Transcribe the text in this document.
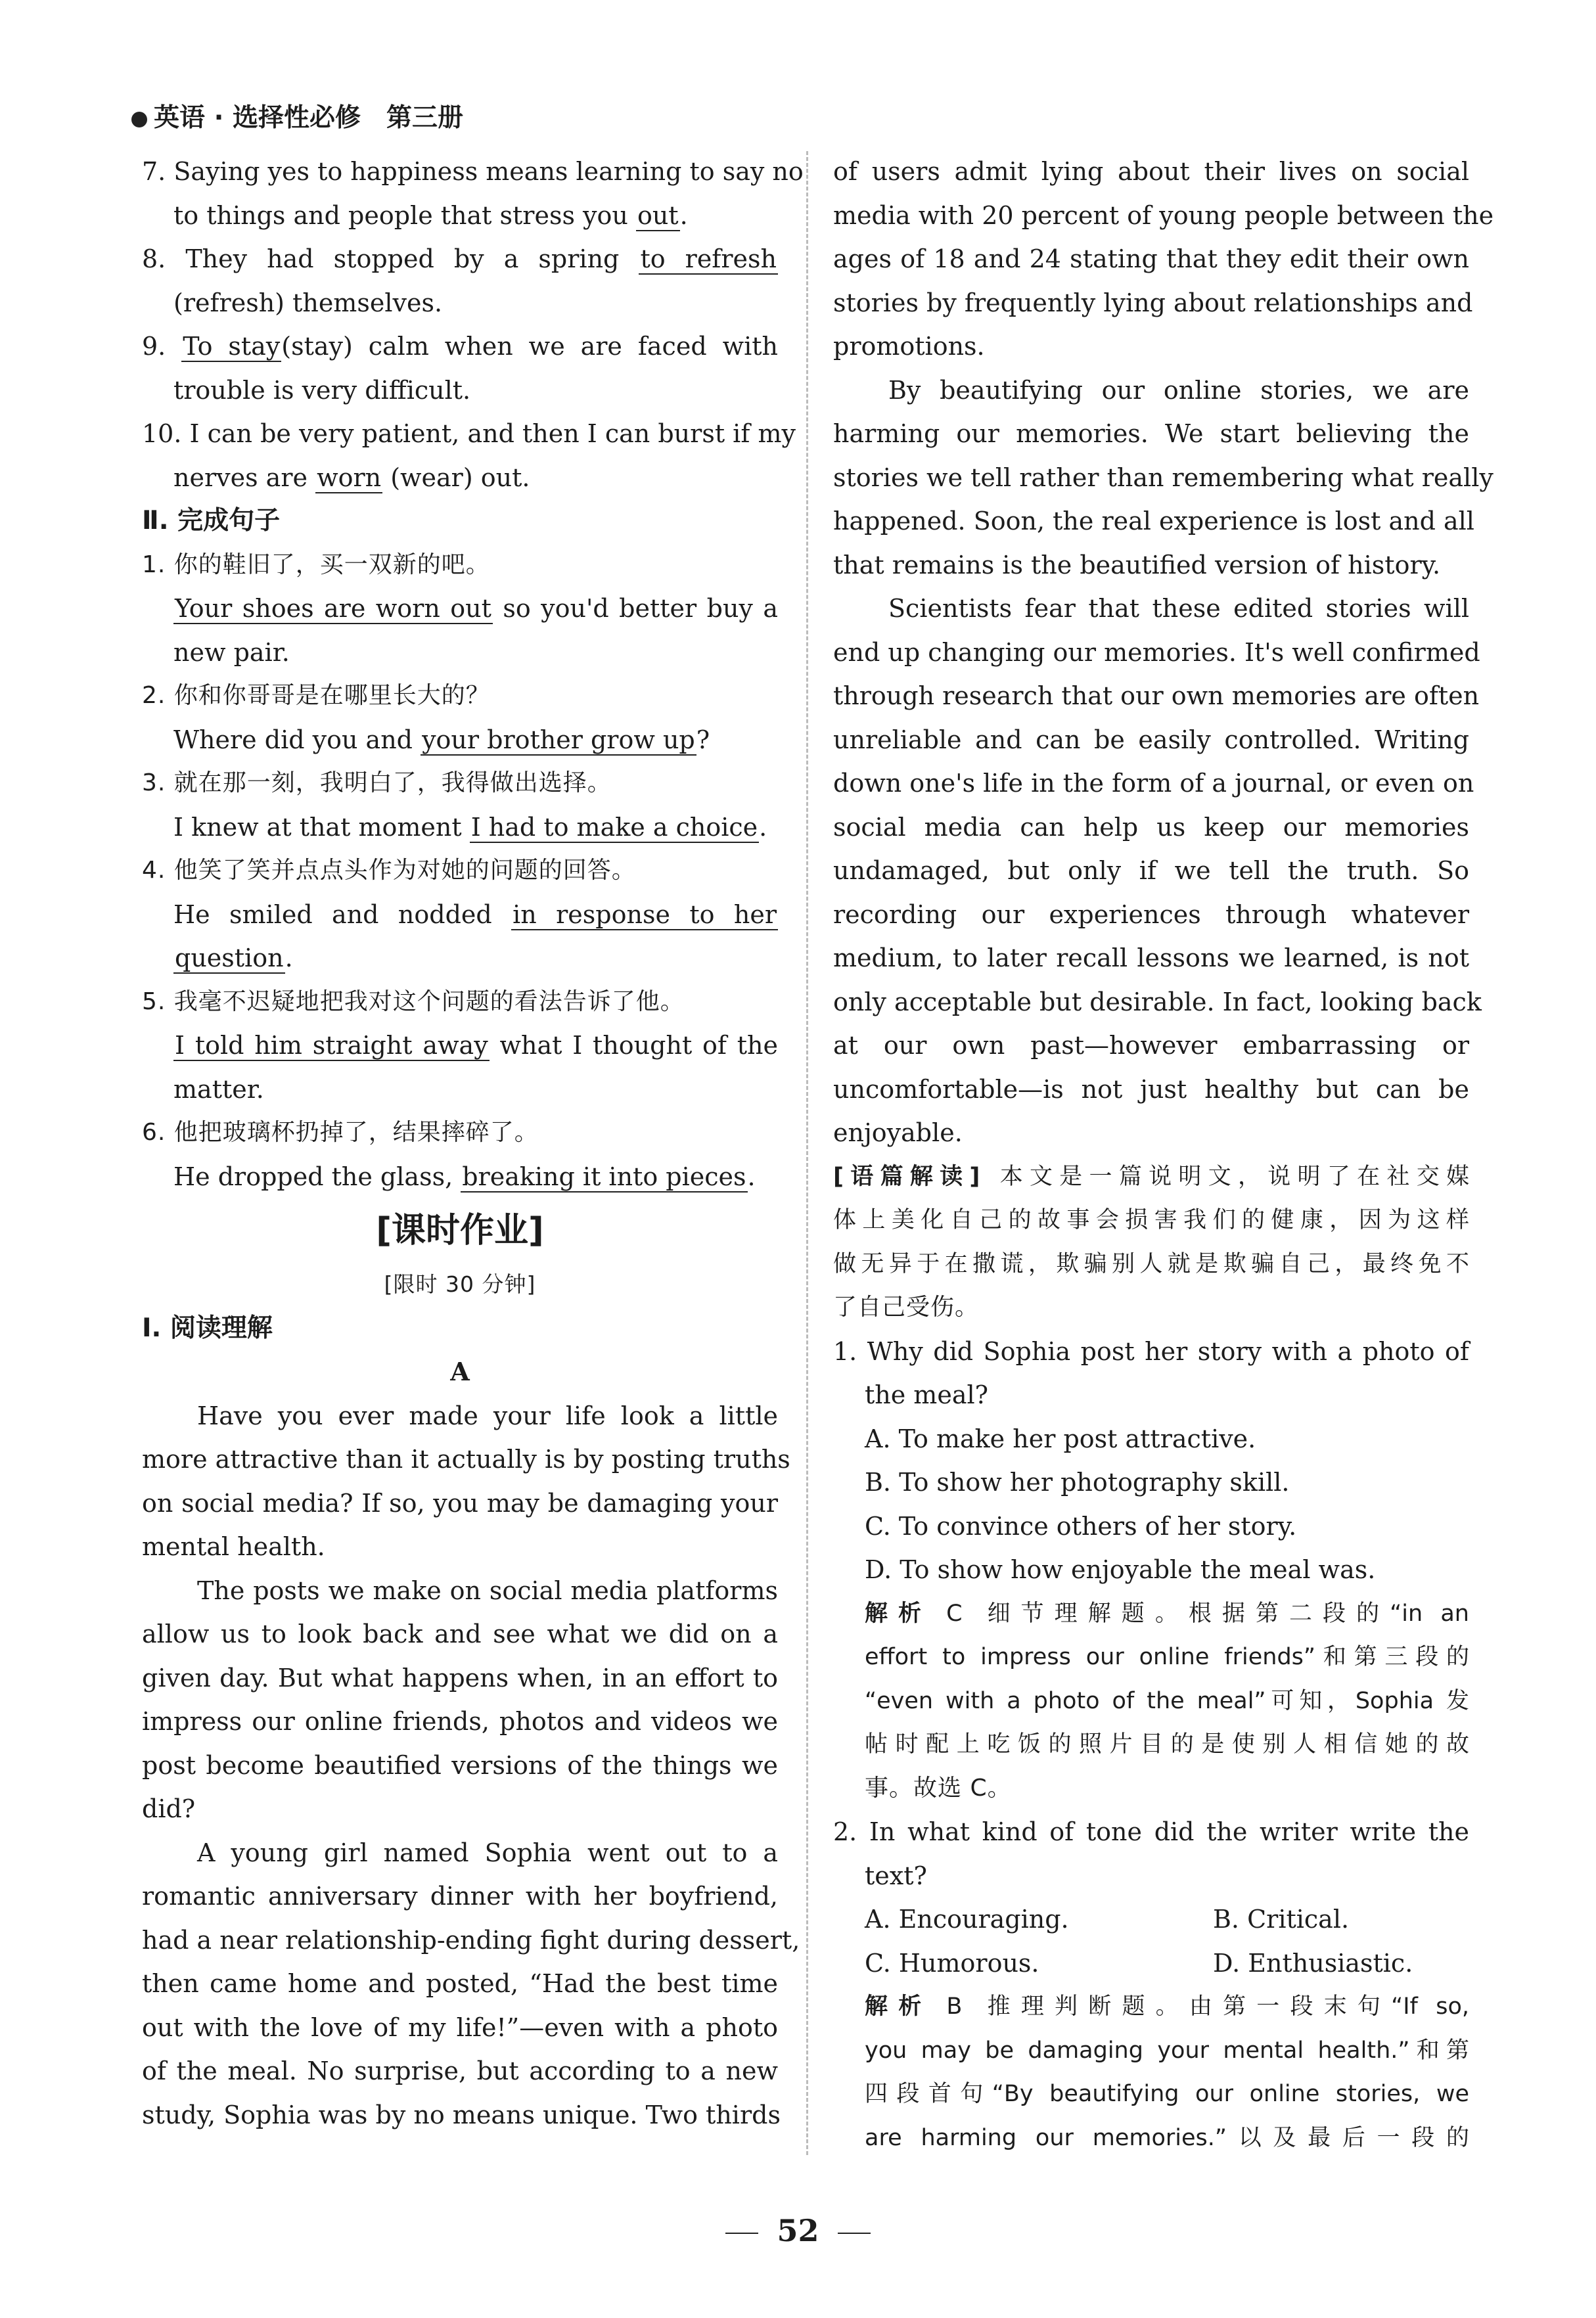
英语 · 选择性必修　第三册
7. Saying yes to happiness means learning to say no
to things and people that stress you out.
8. They had stopped by a spring to refresh
(refresh) themselves.
9. To stay(stay) calm when we are faced with
trouble is very difficult.
10. I can be very patient, and then I can burst if my
nerves are worn (wear) out.
Ⅱ. 完成句子
1. 你的鞋旧了，买一双新的吧。
Your shoes are worn out so you'd better buy a
new pair.
2. 你和你哥哥是在哪里长大的？
Where did you and your brother grow up?
3. 就在那一刻，我明白了，我得做出选择。
I knew at that moment I had to make a choice.
4. 他笑了笑并点点头作为对她的问题的回答。
He smiled and nodded in response to her
question.
5. 我毫不迟疑地把我对这个问题的看法告诉了他。
I told him straight away what I thought of the
matter.
6. 他把玻璃杯扔掉了，结果摔碎了。
He dropped the glass, breaking it into pieces.
[课时作业]
[限时 30 分钟]
Ⅰ. 阅读理解
A
Have you ever made your life look a little
more attractive than it actually is by posting truths
on social media? If so, you may be damaging your
mental health.
The posts we make on social media platforms
allow us to look back and see what we did on a
given day. But what happens when, in an effort to
impress our online friends, photos and videos we
post become beautified versions of the things we
did?
A young girl named Sophia went out to a
romantic anniversary dinner with her boyfriend,
had a near relationship-ending fight during dessert,
then came home and posted, “Had the best time
out with the love of my life!”—even with a photo
of the meal. No surprise, but according to a new
study, Sophia was by no means unique. Two thirds
of users admit lying about their lives on social
media with 20 percent of young people between the
ages of 18 and 24 stating that they edit their own
stories by frequently lying about relationships and
promotions.
By beautifying our online stories, we are
harming our memories. We start believing the
stories we tell rather than remembering what really
happened. Soon, the real experience is lost and all
that remains is the beautified version of history.
Scientists fear that these edited stories will
end up changing our memories. It's well confirmed
through research that our own memories are often
unreliable and can be easily controlled. Writing
down one's life in the form of a journal, or even on
social media can help us keep our memories
undamaged, but only if we tell the truth. So
recording our experiences through whatever
medium, to later recall lessons we learned, is not
only acceptable but desirable. In fact, looking back
at our own past—however embarrassing or
uncomfortable—is not just healthy but can be
enjoyable.
[语篇解读] 本文是一篇说明文，说明了在社交媒
体上美化自己的故事会损害我们的健康，因为这样
做无异于在撒谎，欺骗别人就是欺骗自己，最终免不
了自己受伤。
1. Why did Sophia post her story with a photo of
the meal?
A. To make her post attractive.
B. To show her photography skill.
C. To convince others of her story.
D. To show how enjoyable the meal was.
解析 C 细节理解题。根据第二段的“in an
effort to impress our online friends”和第三段的
“even with a photo of the meal”可知，Sophia 发
帖时配上吃饭的照片目的是使别人相信她的故
事。故选 C。
2. In what kind of tone did the writer write the
text?
A. Encouraging.	B. Critical.
C. Humorous.	D. Enthusiastic.
解析 B 推理判断题。由第一段末句“If so,
you may be damaging your mental health.”和第
四段首句“By beautifying our online stories, we
are harming our memories.”以及最后一段的
52
